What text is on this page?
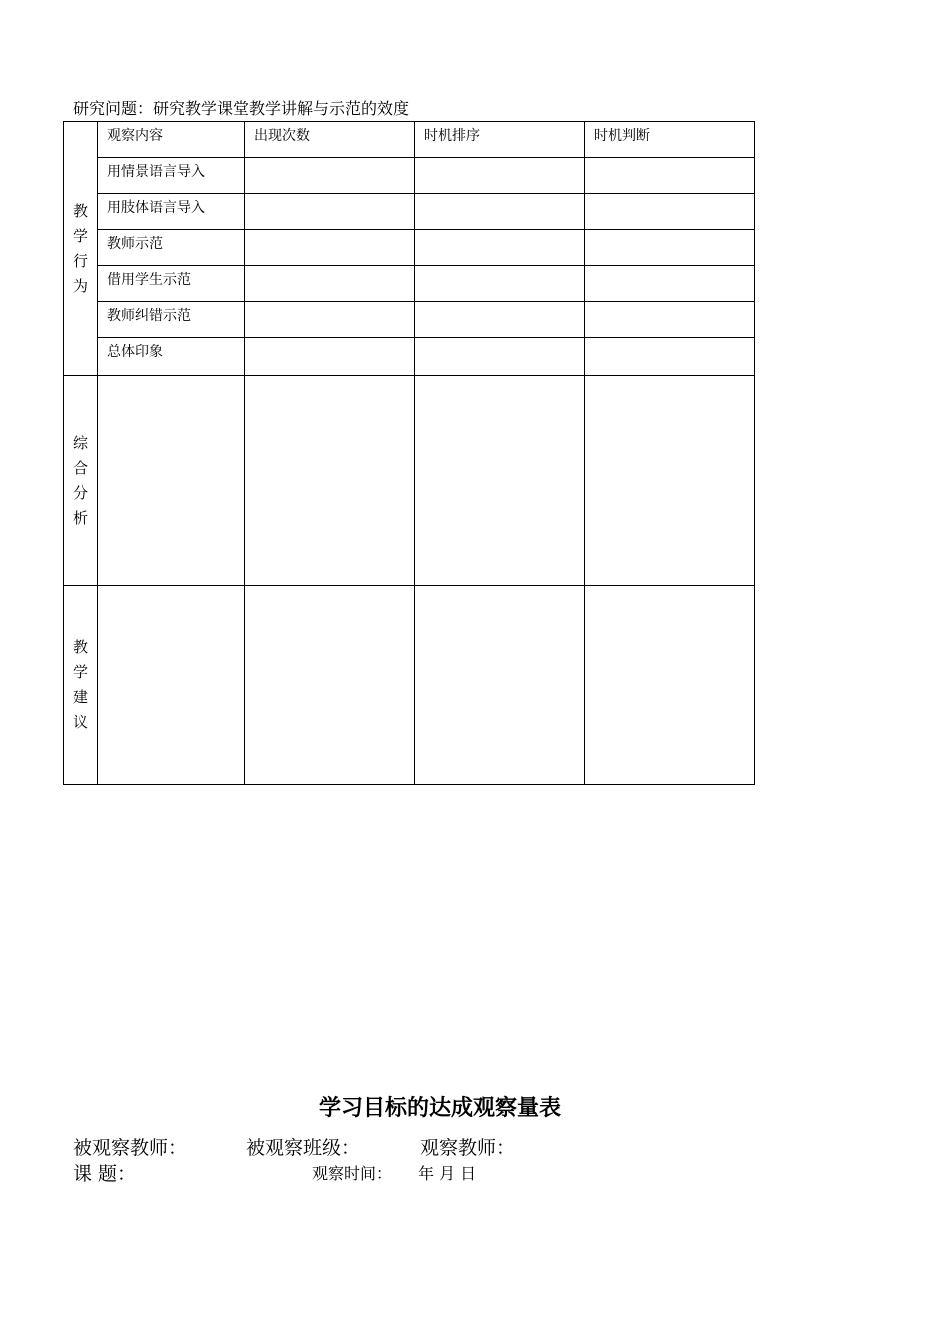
研究问题：研究教学课堂教学讲解与示范的效度
教学行为	观察内容	出现次数	时机排序	时机判断
	用情景语言导入			
	用肢体语言导入			
	教师示范			
	借用学生示范			
	教师纠错示范			
	总体印象			
综合分析				
教学建议				
学习目标的达成观察量表
被观察教师：	被观察班级：	观察教师：
课 题：	观察时间： 年 月 日
